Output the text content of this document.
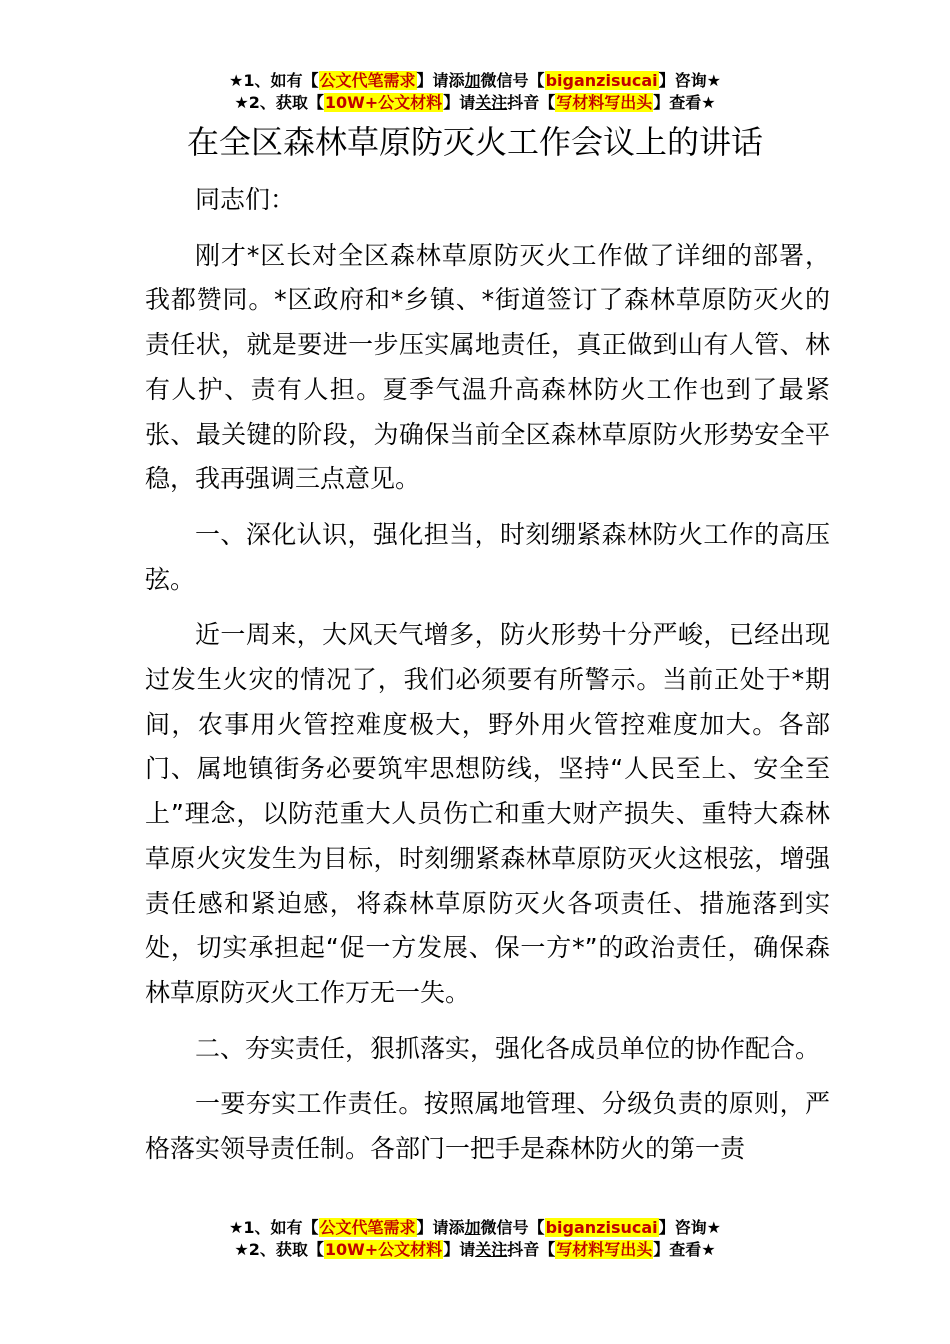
★1、如有【公文代笔需求】请添加微信号【biganzisucai】咨询★
★2、获取【10W+公文材料】请关注抖音【写材料写出头】查看★
在全区森林草原防灭火工作会议上的讲话

同志们：

刚才*区长对全区森林草原防灭火工作做了详细的部署，我都赞同。*区政府和*乡镇、*街道签订了森林草原防灭火的责任状，就是要进一步压实属地责任，真正做到山有人管、林有人护、责有人担。夏季气温升高森林防火工作也到了最紧张、最关键的阶段，为确保当前全区森林草原防火形势安全平稳，我再强调三点意见。

一、深化认识，强化担当，时刻绷紧森林防火工作的高压弦。

近一周来，大风天气增多，防火形势十分严峻，已经出现过发生火灾的情况了，我们必须要有所警示。当前正处于*期间，农事用火管控难度极大，野外用火管控难度加大。各部门、属地镇街务必要筑牢思想防线，坚持“人民至上、安全至上”理念，以防范重大人员伤亡和重大财产损失、重特大森林草原火灾发生为目标，时刻绷紧森林草原防灭火这根弦，增强责任感和紧迫感，将森林草原防灭火各项责任、措施落到实处，切实承担起“促一方发展、保一方*”的政治责任，确保森林草原防灭火工作万无一失。

二、夯实责任，狠抓落实，强化各成员单位的协作配合。

一要夯实工作责任。按照属地管理、分级负责的原则，严格落实领导责任制。各部门一把手是森林防火的第一责

★1、如有【公文代笔需求】请添加微信号【biganzisucai】咨询★
★2、获取【10W+公文材料】请关注抖音【写材料写出头】查看★
